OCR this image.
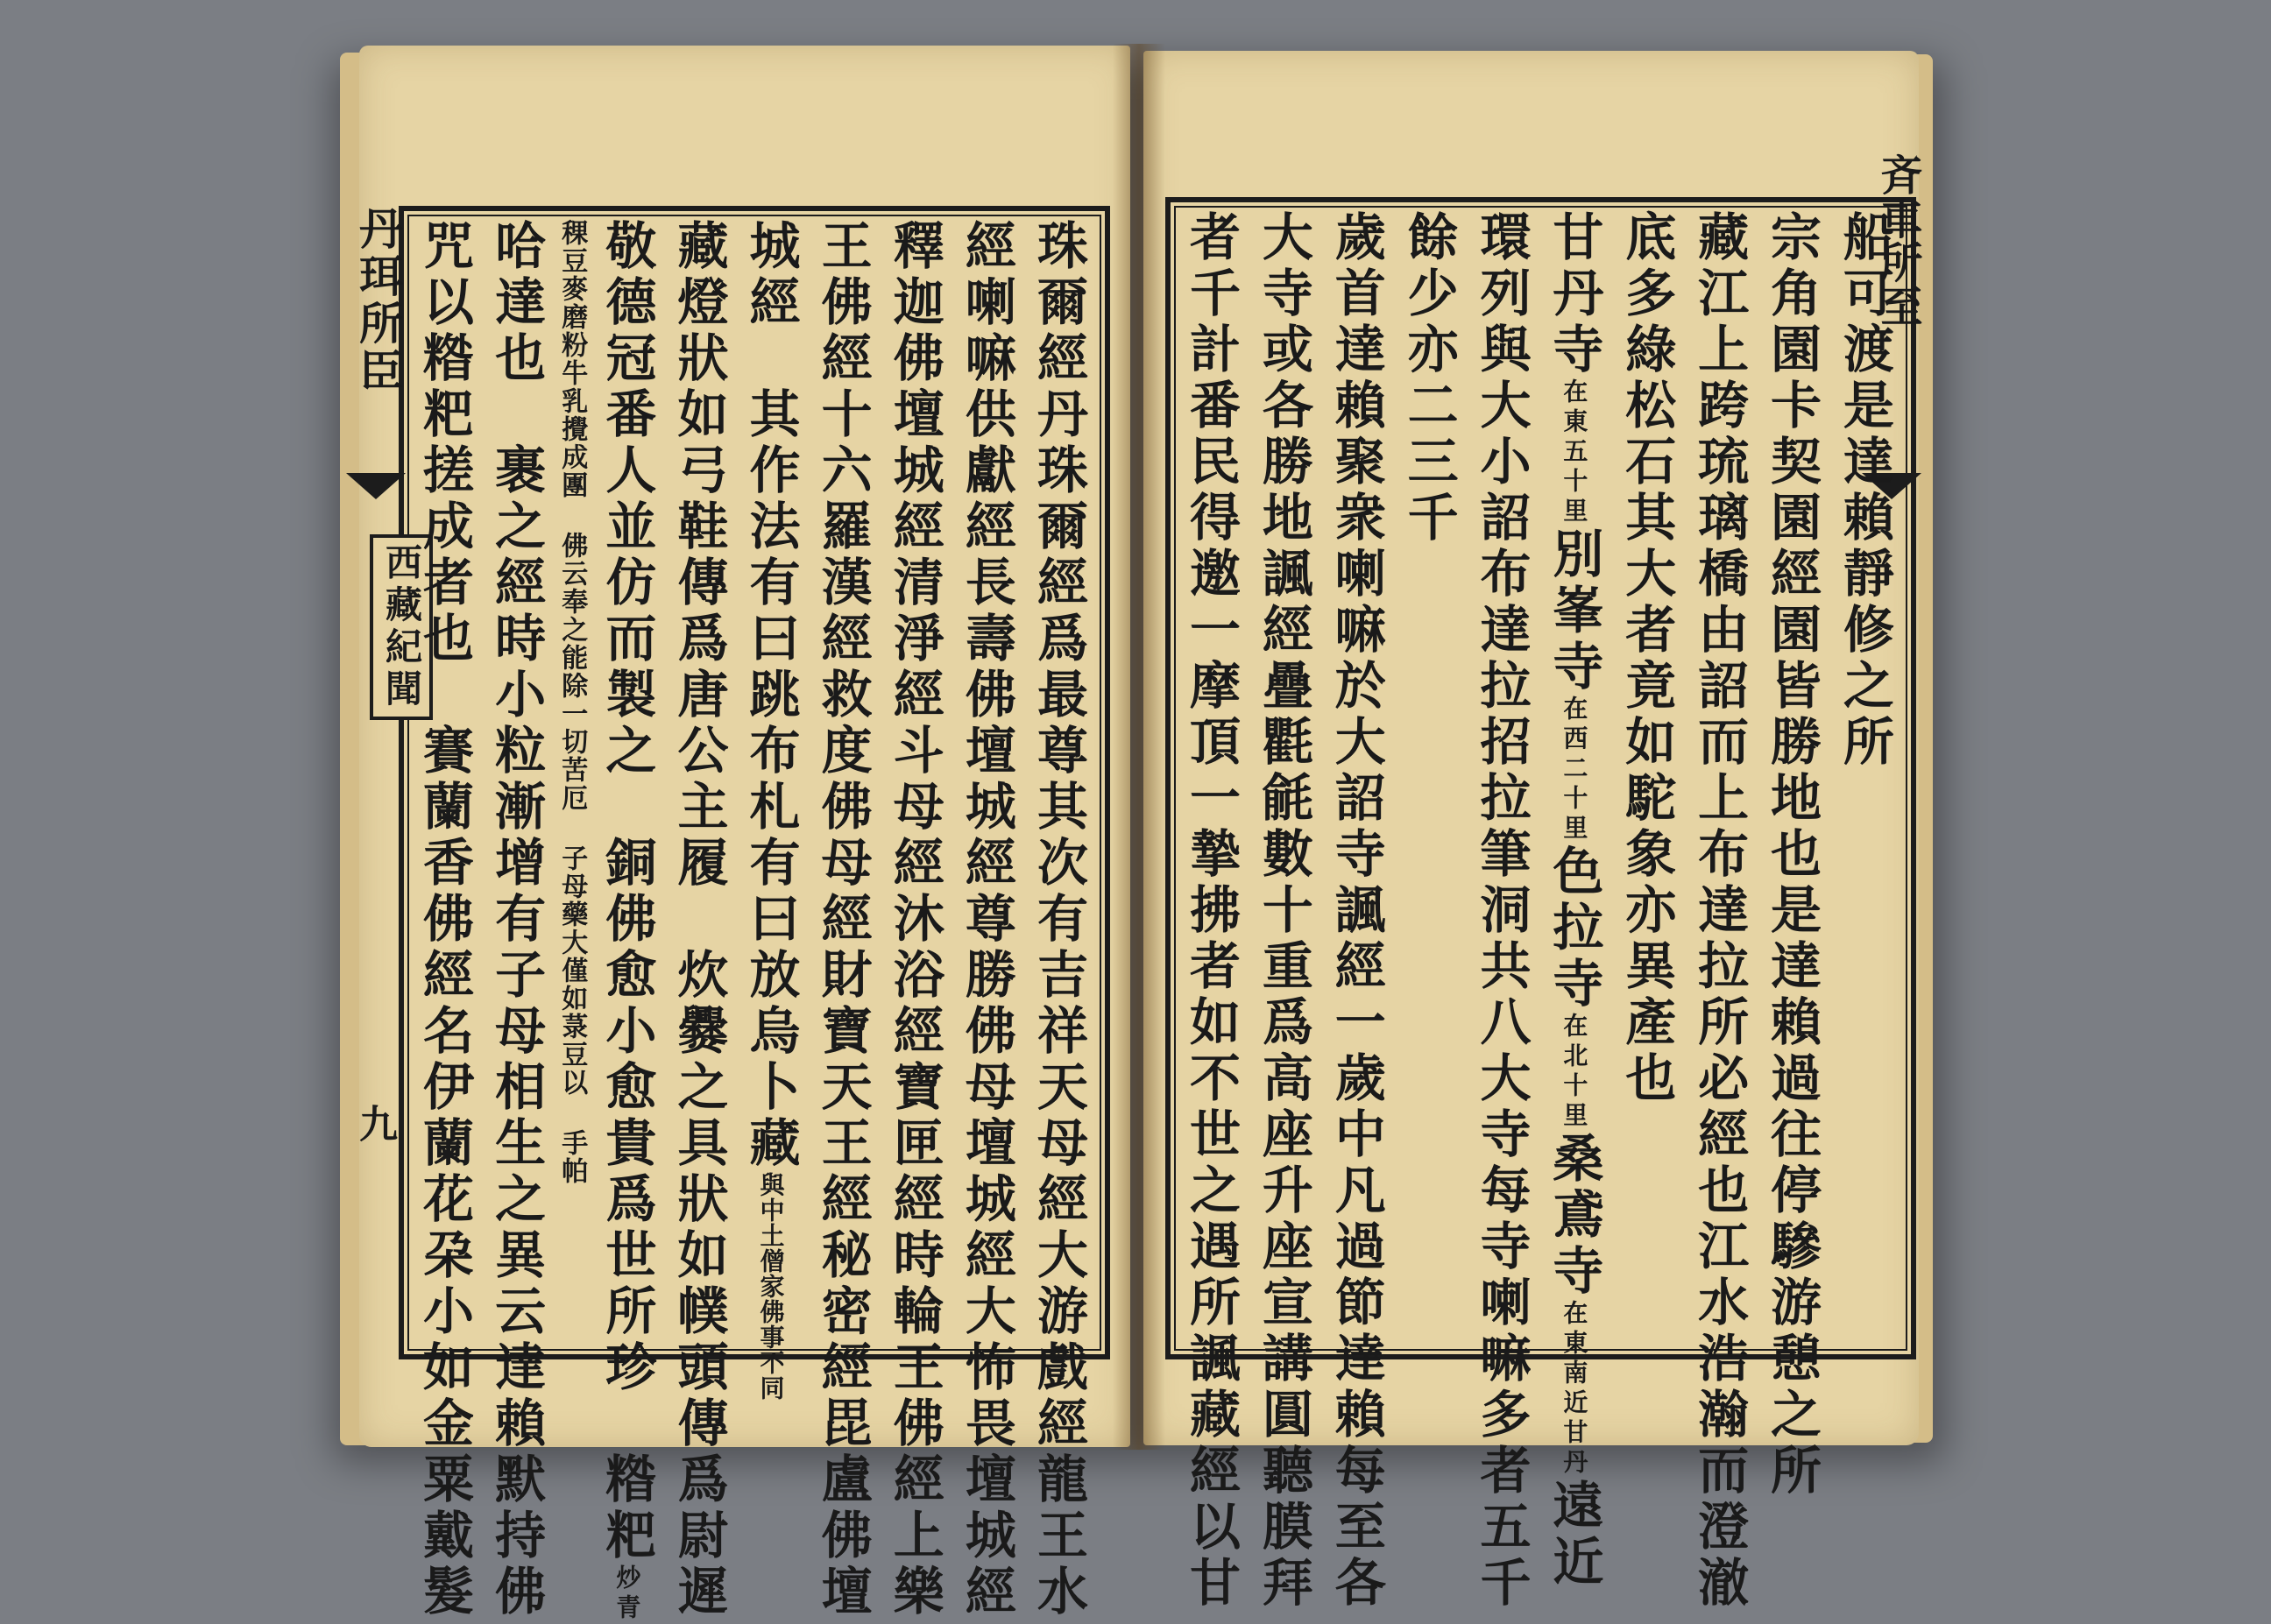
丹珥所臣
西藏紀聞
九	珠爾經丹珠爾經爲最尊其次有吉祥天母經大游戲經龍王水
經喇嘛供獻經長壽佛壇城經尊勝佛母壇城經大怖畏壇城經
釋迦佛壇城經清淨經斗母經沐浴經寶匣經時輪王佛經上樂
王佛經十六羅漢經救度佛母經財寶天王經秘密經毘盧佛壇
城經　其作法有曰跳布札有曰放烏卜藏與中土僧家佛事不同
藏燈狀如弓鞋傳爲唐公主履　炊爨之具狀如幞頭傳爲尉遲
敬德冠番人並仿而製之　銅佛愈小愈貴爲世所珍　糌粑炒青
稞豆麥磨粉牛乳攪成團 佛云奉之能除一切苦厄 子母藥大僅如菉豆以 手帕
哈達也　裹之經時小粒漸增有子母相生之異云達賴默持佛
咒以糌粑搓成者也　賽蘭香佛經名伊蘭花朶小如金粟戴髮	斉車所至
船可渡是達賴靜修之所
宗角園卡契園經園皆勝地也是達賴過往停驂游憩之所
藏江上跨琉璃橋由詔而上布達拉所必經也江水浩瀚而澄澈
底多綠松石其大者竟如駝象亦異產也
甘丹寺在東五十里別峯寺在西二十里色拉寺在北十里桑鳶寺在東南近甘丹遠近
環列與大小詔布達拉招拉筆洞共八大寺每寺喇嘛多者五千
餘少亦二三千
歲首達賴聚衆喇嘛於大詔寺諷經一歲中凡過節達賴每至各
大寺或各勝地諷經疊氍毹數十重爲高座升座宣講圓聽膜拜
者千計番民得邀一摩頂一摯拂者如不世之遇所諷藏經以甘
